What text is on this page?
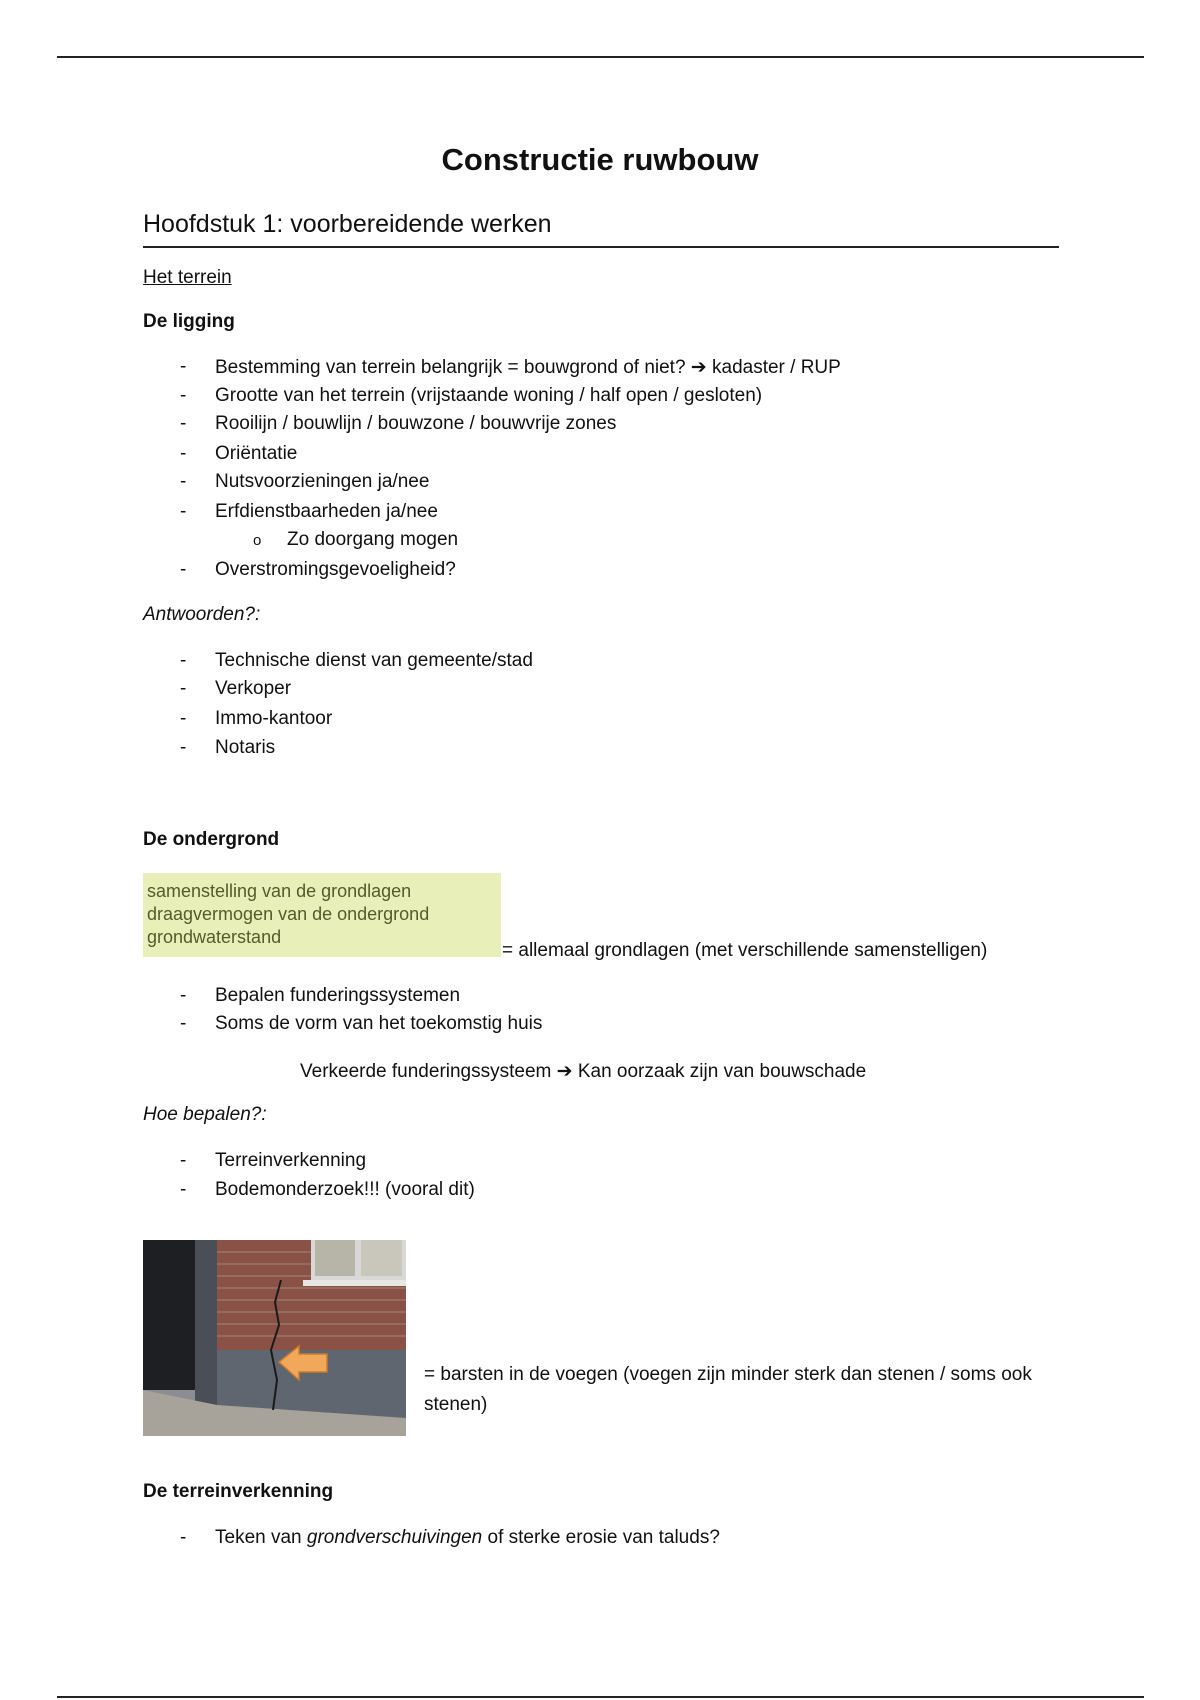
Constructie ruwbouw
Hoofdstuk 1: voorbereidende werken
Het terrein
De ligging
- Bestemming van terrein belangrijk = bouwgrond of niet? ➔ kadaster / RUP
- Grootte van het terrein (vrijstaande woning / half open / gesloten)
- Rooilijn / bouwlijn / bouwzone / bouwvrije zones
- Oriëntatie
- Nutsvoorzieningen ja/nee
- Erfdienstbaarheden ja/nee
o Zo doorgang mogen
- Overstromingsgevoeligheid?
Antwoorden?:
- Technische dienst van gemeente/stad
- Verkoper
- Immo-kantoor
- Notaris
De ondergrond
samenstelling van de grondlagen
draagvermogen van de ondergrond
grondwaterstand
= allemaal grondlagen (met verschillende samenstelligen)
- Bepalen funderingssystemen
- Soms de vorm van het toekomstig huis
Verkeerde funderingssysteem ➔ Kan oorzaak zijn van bouwschade
Hoe bepalen?:
- Terreinverkenning
- Bodemonderzoek!!! (vooral dit)
= barsten in de voegen (voegen zijn minder sterk dan stenen / soms ook stenen)
De terreinverkenning
- Teken van grondverschuivingen of sterke erosie van taluds?
